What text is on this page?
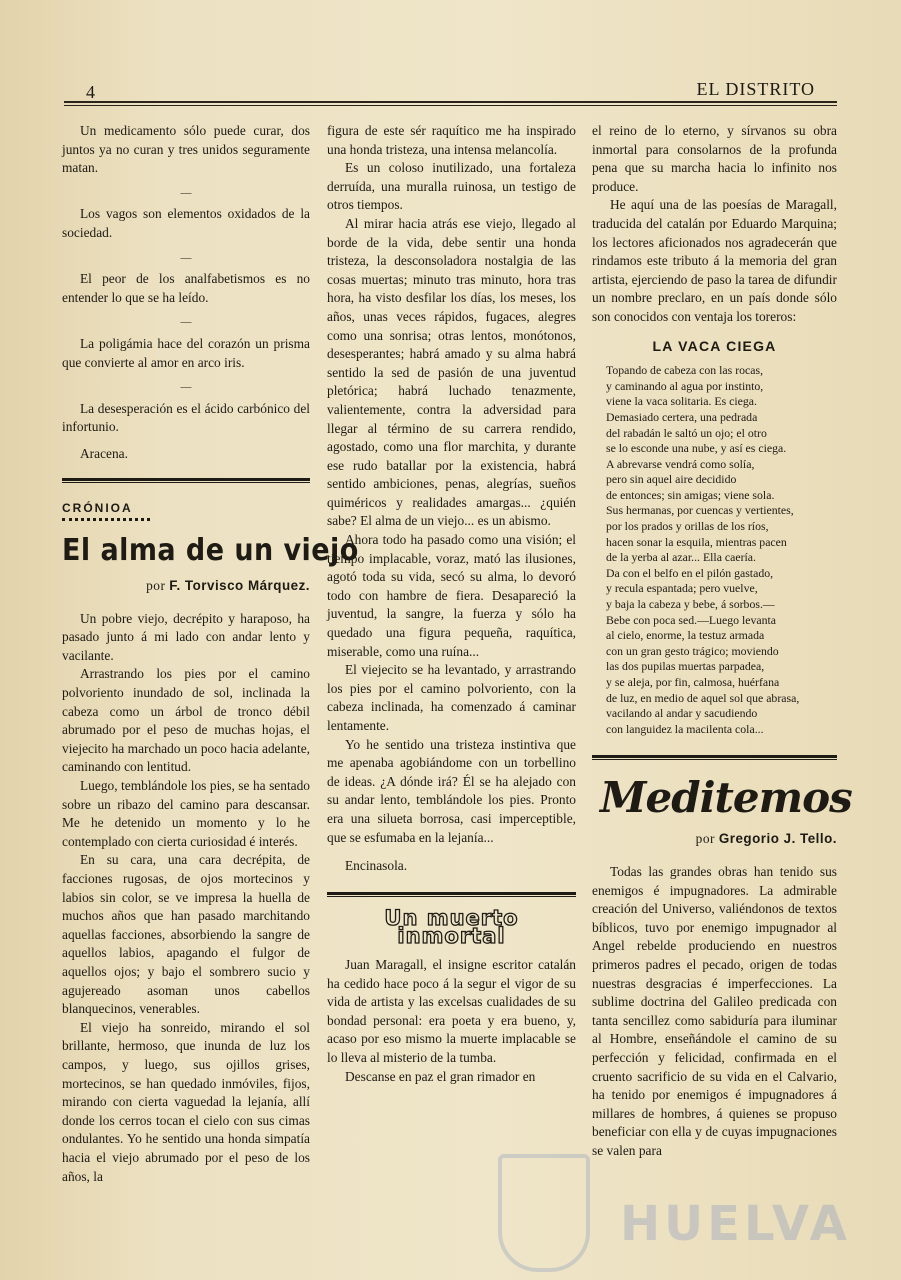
4	EL DISTRITO

Un medicamento sólo puede curar, dos juntos ya no curan y tres unidos seguramente matan.

—

Los vagos son elementos oxidados de la sociedad.

—

El peor de los analfabetismos es no entender lo que se ha leído.

—

La poligámia hace del corazón un prisma que convierte al amor en arco iris.

—

La desesperación es el ácido carbónico del infortunio.

Aracena.

CRÓNIOA
El alma de un viejo
por F. Torvisco Márquez.

Un pobre viejo, decrépito y haraposo, ha pasado junto á mi lado con andar lento y vacilante.

Arrastrando los pies por el camino polvoriento inundado de sol, inclinada la cabeza como un árbol de tronco débil abrumado por el peso de muchas hojas, el viejecito ha marchado un poco hacia adelante, caminando con lentitud.

Luego, temblándole los pies, se ha sentado sobre un ribazo del camino para descansar. Me he detenido un momento y lo he contemplado con cierta curiosidad é interés.

En su cara, una cara decrépita, de facciones rugosas, de ojos mortecinos y labios sin color, se ve impresa la huella de muchos años que han pasado marchitando aquellas facciones, absorbiendo la sangre de aquellos labios, apagando el fulgor de aquellos ojos; y bajo el sombrero sucio y agujereado asoman unos cabellos blanquecinos, venerables.

El viejo ha sonreido, mirando el sol brillante, hermoso, que inunda de luz los campos, y luego, sus ojillos grises, mortecinos, se han quedado inmóviles, fijos, mirando con cierta vaguedad la lejanía, allí donde los cerros tocan el cielo con sus cimas ondulantes. Yo he sentido una honda simpatía hacia el viejo abrumado por el peso de los años, la

figura de este sér raquítico me ha inspirado una honda tristeza, una intensa melancolía.

Es un coloso inutilizado, una fortaleza derruída, una muralla ruinosa, un testigo de otros tiempos.

Al mirar hacia atrás ese viejo, llegado al borde de la vida, debe sentir una honda tristeza, la desconsoladora nostalgia de las cosas muertas; minuto tras minuto, hora tras hora, ha visto desfilar los días, los meses, los años, unas veces rápidos, fugaces, alegres como una sonrisa; otras lentos, monótonos, desesperantes; habrá amado y su alma habrá sentido la sed de pasión de una juventud pletórica; habrá luchado tenazmente, valientemente, contra la adversidad para llegar al término de su carrera rendido, agostado, como una flor marchita, y durante ese rudo batallar por la existencia, habrá sentido ambiciones, penas, alegrías, sueños quiméricos y realidades amargas... ¿quién sabe? El alma de un viejo... es un abismo.

Ahora todo ha pasado como una visión; el tiempo implacable, voraz, mató las ilusiones, agotó toda su vida, secó su alma, lo devoró todo con hambre de fiera. Desapareció la juventud, la sangre, la fuerza y sólo ha quedado una figura pequeña, raquítica, miserable, como una ruína...

El viejecito se ha levantado, y arrastrando los pies por el camino polvoriento, con la cabeza inclinada, ha comenzado á caminar lentamente.

Yo he sentido una tristeza instintiva que me apenaba agobiándome con un torbellino de ideas. ¿A dónde irá? Él se ha alejado con su andar lento, temblándole los pies. Pronto era una silueta borrosa, casi imperceptible, que se esfumaba en la lejanía...

Encinasola.

Un muerto inmortal

Juan Maragall, el insigne escritor catalán ha cedido hace poco á la segur el vigor de su vida de artista y las excelsas cualidades de su bondad personal: era poeta y era bueno, y, acaso por eso mismo la muerte implacable se lo lleva al misterio de la tumba.

Descanse en paz el gran rimador en

el reino de lo eterno, y sírvanos su obra inmortal para consolarnos de la profunda pena que su marcha hacia lo infinito nos produce.

He aquí una de las poesías de Maragall, traducida del catalán por Eduardo Marquina; los lectores aficionados nos agradecerán que rindamos este tributo á la memoria del gran artista, ejerciendo de paso la tarea de difundir un nombre preclaro, en un país donde sólo son conocidos con ventaja los toreros:

LA VACA CIEGA
Topando de cabeza con las rocas,
y caminando al agua por instinto,
viene la vaca solitaria. Es ciega.
Demasiado certera, una pedrada
del rabadán le saltó un ojo; el otro
se lo esconde una nube, y así es ciega.
A abrevarse vendrá como solía,
pero sin aquel aire decidido
de entonces; sin amigas; viene sola.
Sus hermanas, por cuencas y vertientes,
por los prados y orillas de los ríos,
hacen sonar la esquila, mientras pacen
de la yerba al azar... Ella caería.
Da con el belfo en el pilón gastado,
y recula espantada; pero vuelve,
y baja la cabeza y bebe, á sorbos.—
Bebe con poca sed.—Luego levanta
al cielo, enorme, la testuz armada
con un gran gesto trágico; moviendo
las dos pupilas muertas parpadea,
y se aleja, por fin, calmosa, huérfana
de luz, en medio de aquel sol que abrasa,
vacilando al andar y sacudiendo
con languidez la macilenta cola...
Meditemos
por Gregorio J. Tello.

Todas las grandes obras han tenido sus enemigos é impugnadores. La admirable creación del Universo, valiéndonos de textos bíblicos, tuvo por enemigo impugnador al Angel rebelde produciendo en nuestros primeros padres el pecado, origen de todas nuestras desgracias é imperfecciones. La sublime doctrina del Galileo predicada con tanta sencillez como sabiduría para iluminar al Hombre, enseñándole el camino de su perfección y felicidad, confirmada en el cruento sacrificio de su vida en el Calvario, ha tenido por enemigos é impugnadores á millares de hombres, á quienes se propuso beneficiar con ella y de cuyas impugnaciones se valen para

HUELVA
